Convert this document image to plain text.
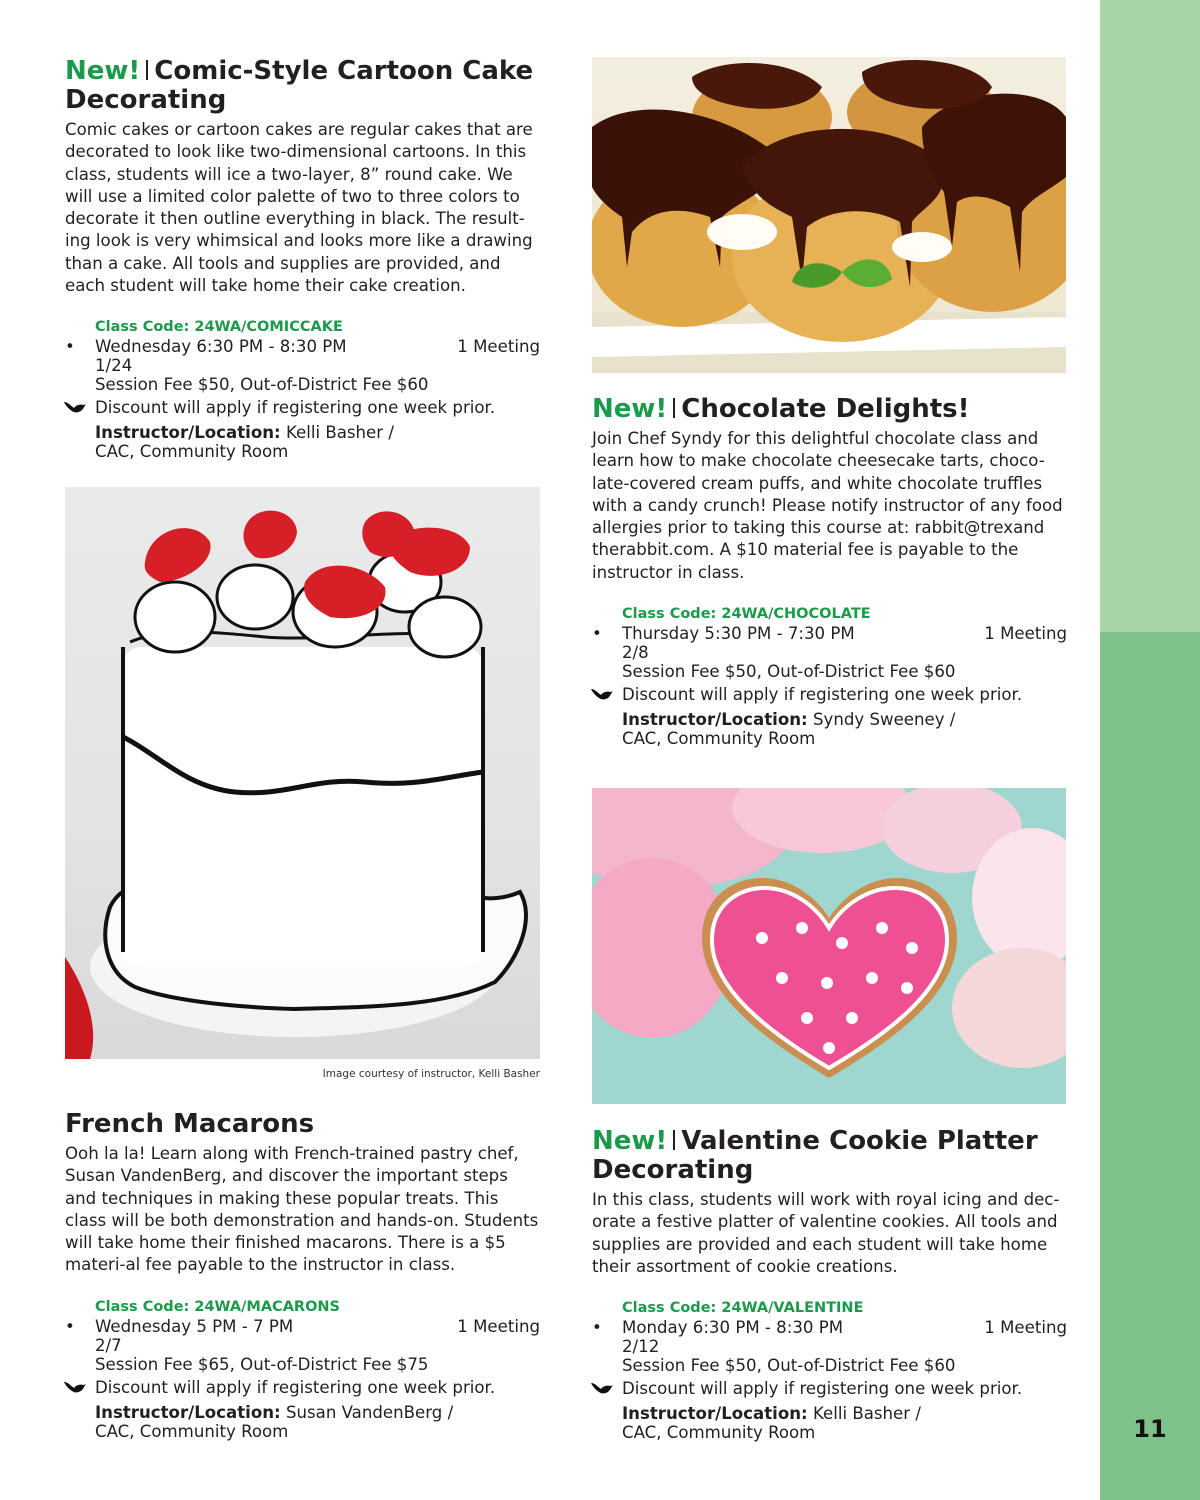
11
New! Comic-Style Cartoon Cake Decorating

Comic cakes or cartoon cakes are regular cakes that are decorated to look like two-dimensional cartoons. In this class, students will ice a two-layer, 8” round cake. We will use a limited color palette of two to three colors to decorate it then outline everything in black. The result-ing look is very whimsical and looks more like a drawing than a cake. All tools and supplies are provided, and each student will take home their cake creation.

Class Code: 24WA/COMICCAKE
•	Wednesday 6:30 PM - 8:30 PM	1 Meeting
1/24
Session Fee $50, Out-of-District Fee $60
Discount will apply if registering one week prior.
Instructor/Location: Kelli Basher /
CAC, Community Room
Image courtesy of instructor, Kelli Basher
French Macarons

Ooh la la! Learn along with French-trained pastry chef, Susan VandenBerg, and discover the important steps and techniques in making these popular treats. This class will be both demonstration and hands-on. Students will take home their finished macarons. There is a $5 materi-al fee payable to the instructor in class.

Class Code: 24WA/MACARONS
•	Wednesday 5 PM - 7 PM	1 Meeting
2/7
Session Fee $65, Out-of-District Fee $75
Discount will apply if registering one week prior.
Instructor/Location: Susan VandenBerg /
CAC, Community Room
New! Chocolate Delights!

Join Chef Syndy for this delightful chocolate class and learn how to make chocolate cheesecake tarts, choco-late-covered cream puffs, and white chocolate truffles with a candy crunch! Please notify instructor of any food allergies prior to taking this course at: rabbit@trexand therabbit.com. A $10 material fee is payable to the instructor in class.

Class Code: 24WA/CHOCOLATE
•	Thursday 5:30 PM - 7:30 PM	1 Meeting
2/8
Session Fee $50, Out-of-District Fee $60
Discount will apply if registering one week prior.
Instructor/Location: Syndy Sweeney /
CAC, Community Room
New! Valentine Cookie Platter Decorating

In this class, students will work with royal icing and dec-orate a festive platter of valentine cookies. All tools and supplies are provided and each student will take home their assortment of cookie creations.

Class Code: 24WA/VALENTINE
•	Monday 6:30 PM - 8:30 PM	1 Meeting
2/12
Session Fee $50, Out-of-District Fee $60
Discount will apply if registering one week prior.
Instructor/Location: Kelli Basher /
CAC, Community Room
